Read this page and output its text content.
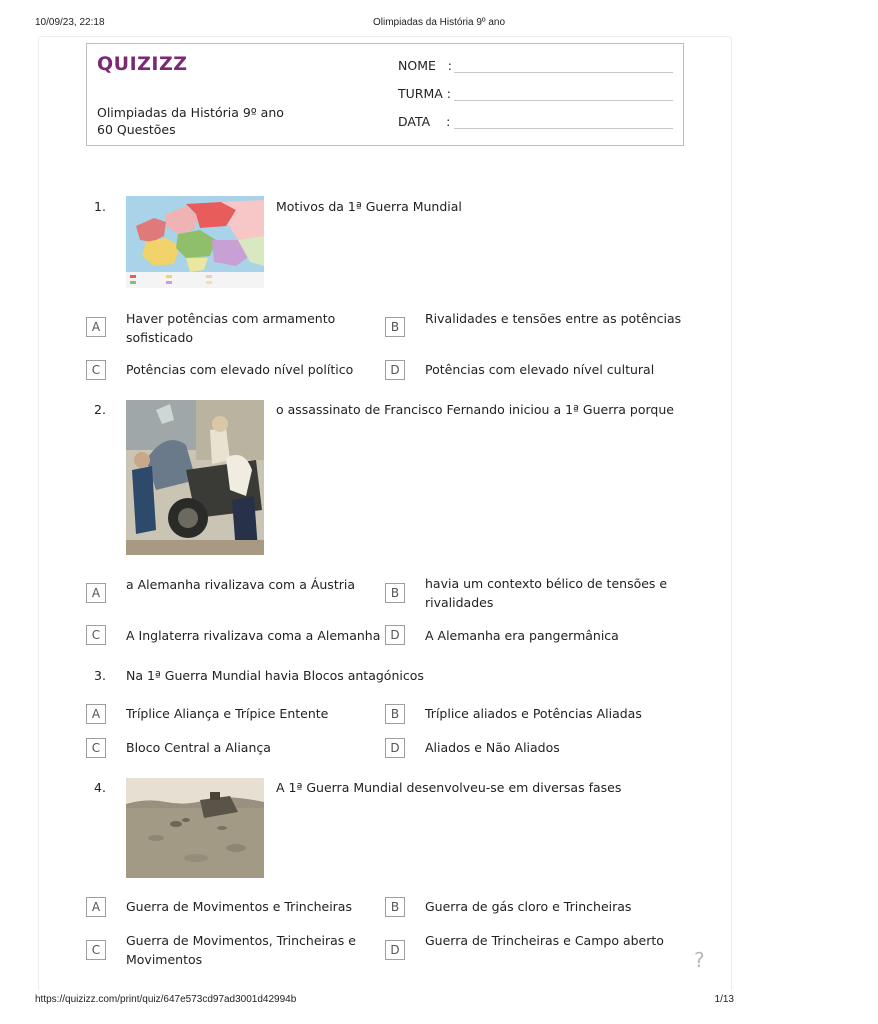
10/09/23, 22:18	Olimpiadas da História 9º ano
QUIZIZZ
Olimpiadas da História 9º ano
60 Questões
NOME   :
TURMA :
DATA    :
1.	Motivos da 1ª Guerra Mundial
A
Haver potências com armamento sofisticado
B
Rivalidades e tensões entre as potências
C	Potências com elevado nível político	D	Potências com elevado nível cultural
2.	o assassinato de Francisco Fernando iniciou a 1ª Guerra porque
A
a Alemanha rivalizava com a Áustria
B
havia um contexto bélico de tensões e rivalidades
C	A Inglaterra rivalizava coma a Alemanha D	A Alemanha era pangermânica
3. Na 1ª Guerra Mundial havia Blocos antagónicos
A	Tríplice Aliança e Trípice Entente	B	Tríplice aliados e Potências Aliadas
C	Bloco Central a Aliança	D	Aliados e Não Aliados
4.	A 1ª Guerra Mundial desenvolveu-se em diversas fases
A	Guerra de Movimentos e Trincheiras	B	Guerra de gás cloro e Trincheiras
C
Guerra de Movimentos, Trincheiras e Movimentos
D
Guerra de Trincheiras e Campo aberto
?
https://quizizz.com/print/quiz/647e573cd97ad3001d42994b	1/13
